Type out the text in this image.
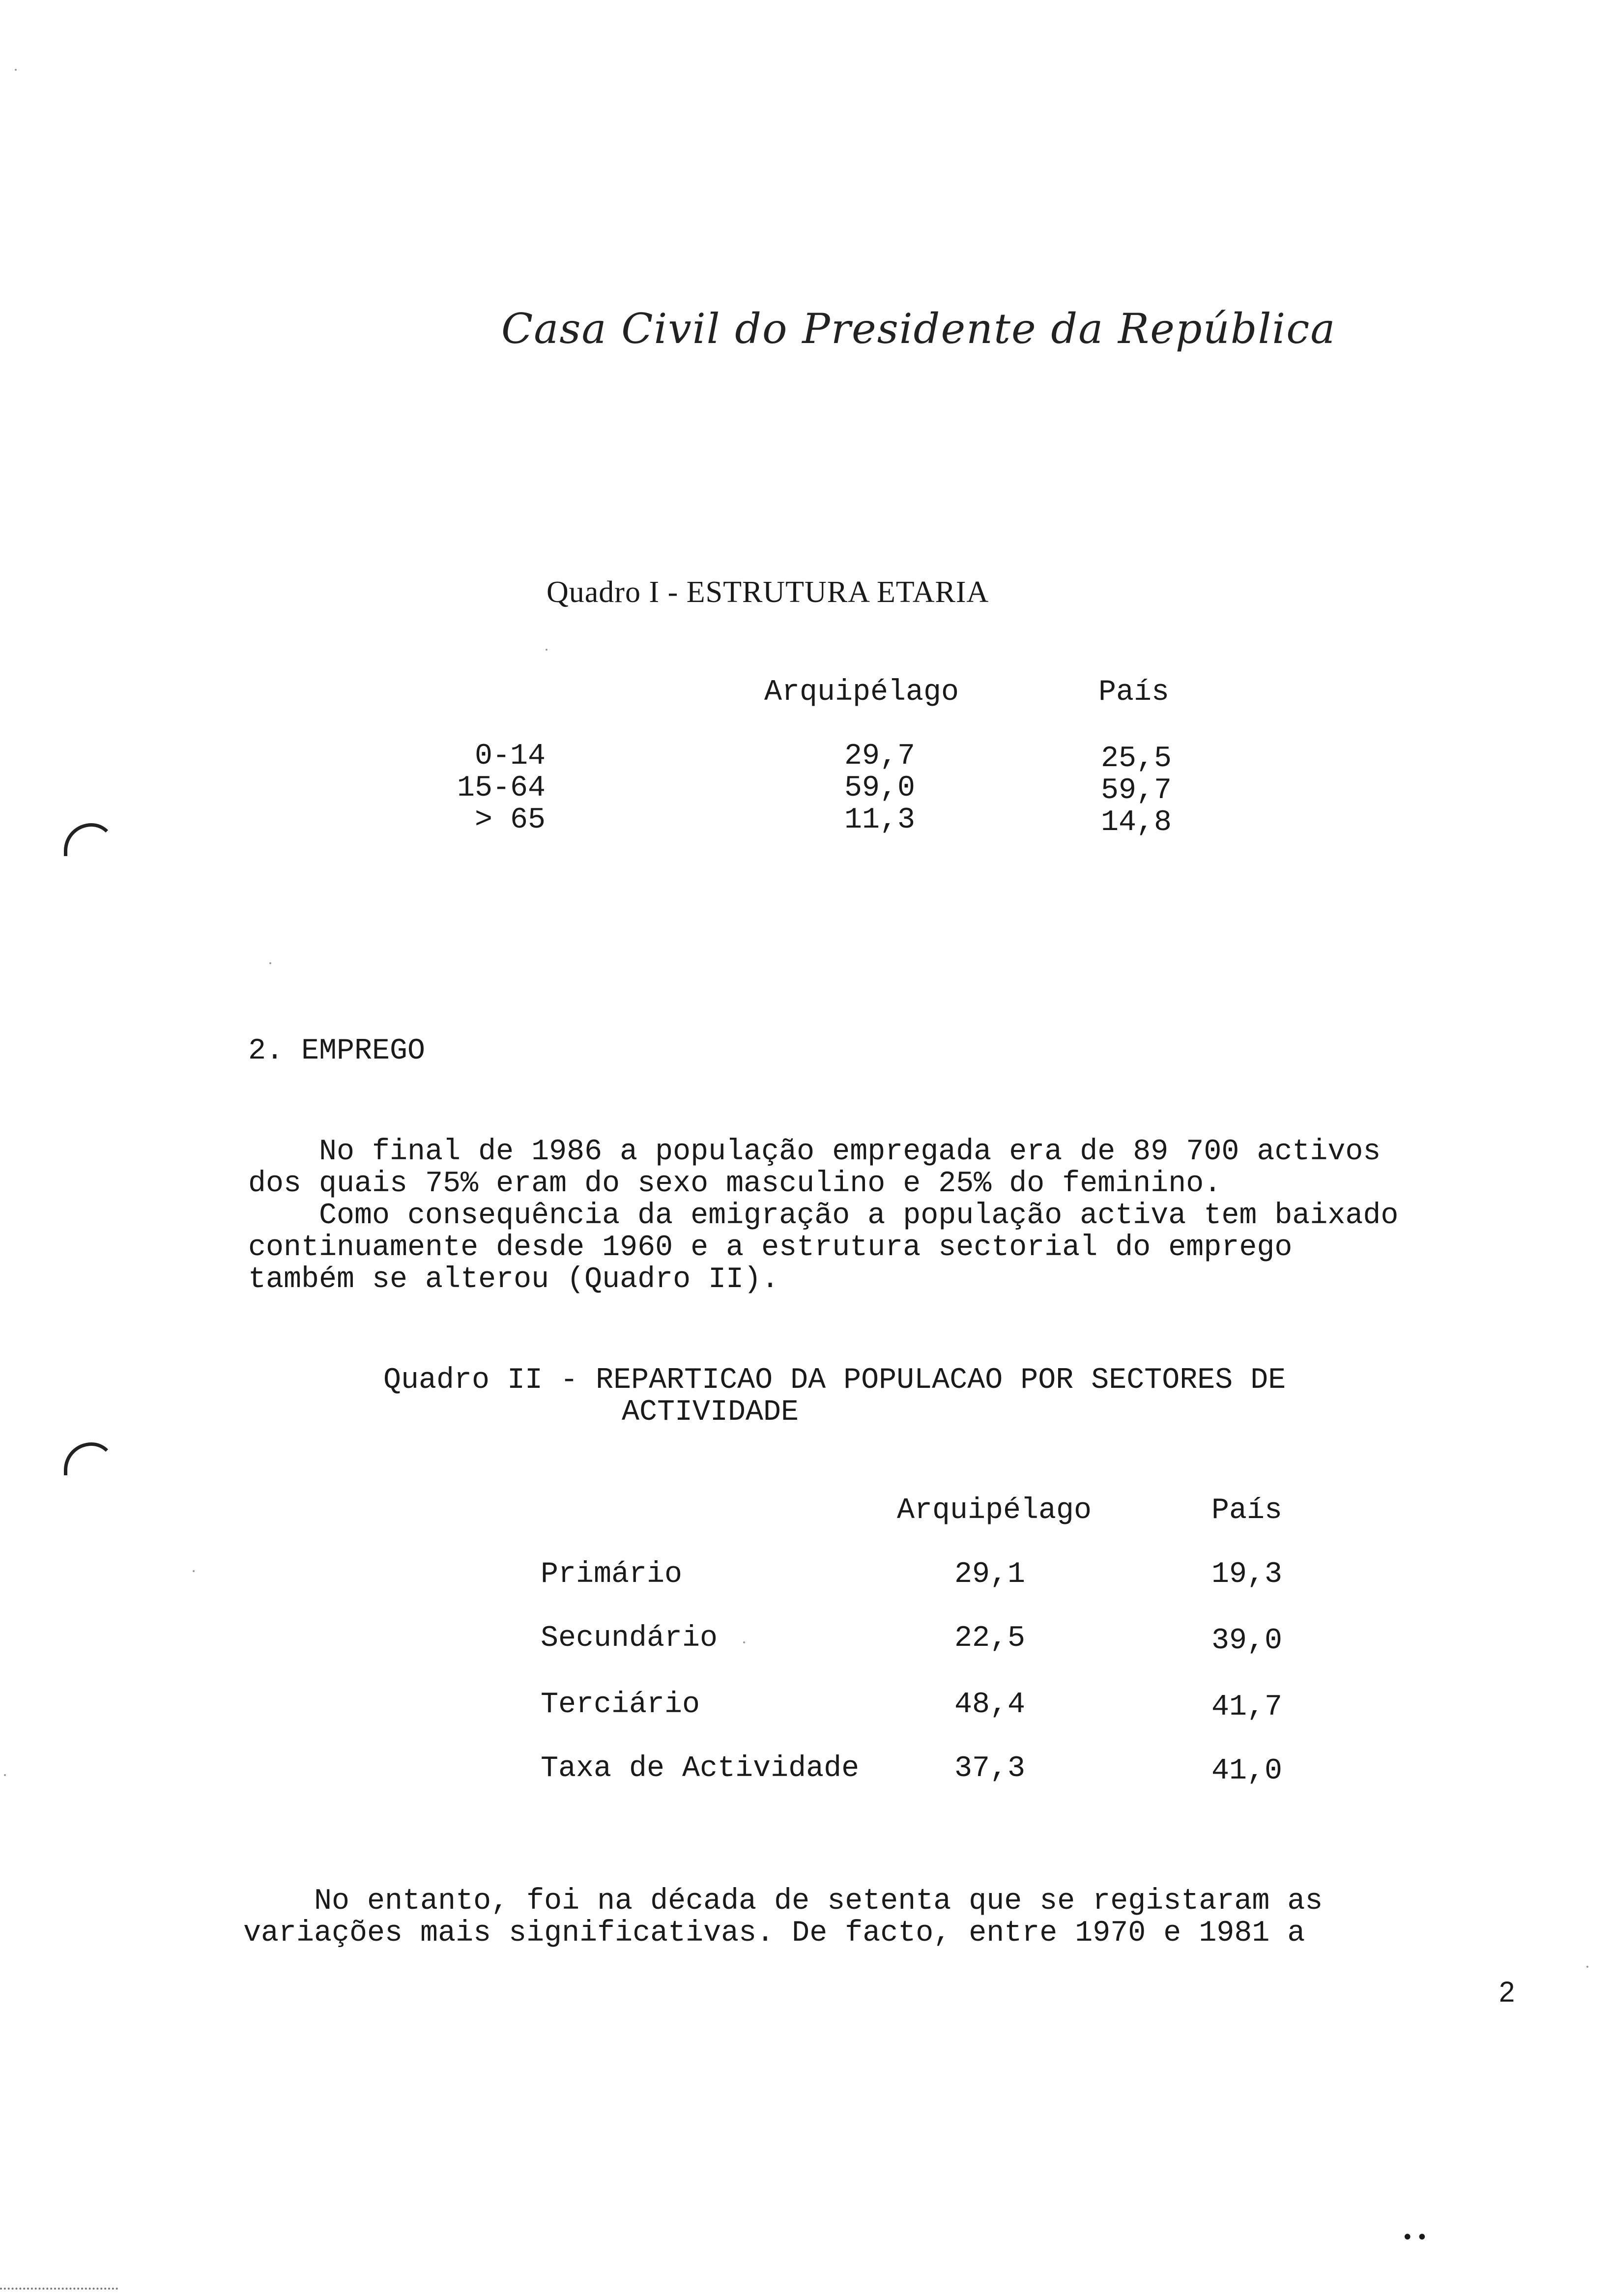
Casa Civil do Presidente da República
Quadro I - ESTRUTURA ETARIA
Arquipélago	País
0-14	29,7	25,5
15-64	59,0	59,7
> 65	11,3	14,8
2. EMPREGO
No final de 1986 a população empregada era de 89 700 activos
dos quais 75% eram do sexo masculino e 25% do feminino.
Como consequência da emigração a população activa tem baixado
continuamente desde 1960 e a estrutura sectorial do emprego
também se alterou (Quadro II).
Quadro II - REPARTICAO DA POPULACAO POR SECTORES DE
ACTIVIDADE
Arquipélago	País
Primário	29,1	19,3
Secundário	22,5	39,0
Terciário	48,4	41,7
Taxa de Actividade	37,3	41,0
No entanto, foi na década de setenta que se registaram as
variações mais significativas. De facto, entre 1970 e 1981 a
2
••
